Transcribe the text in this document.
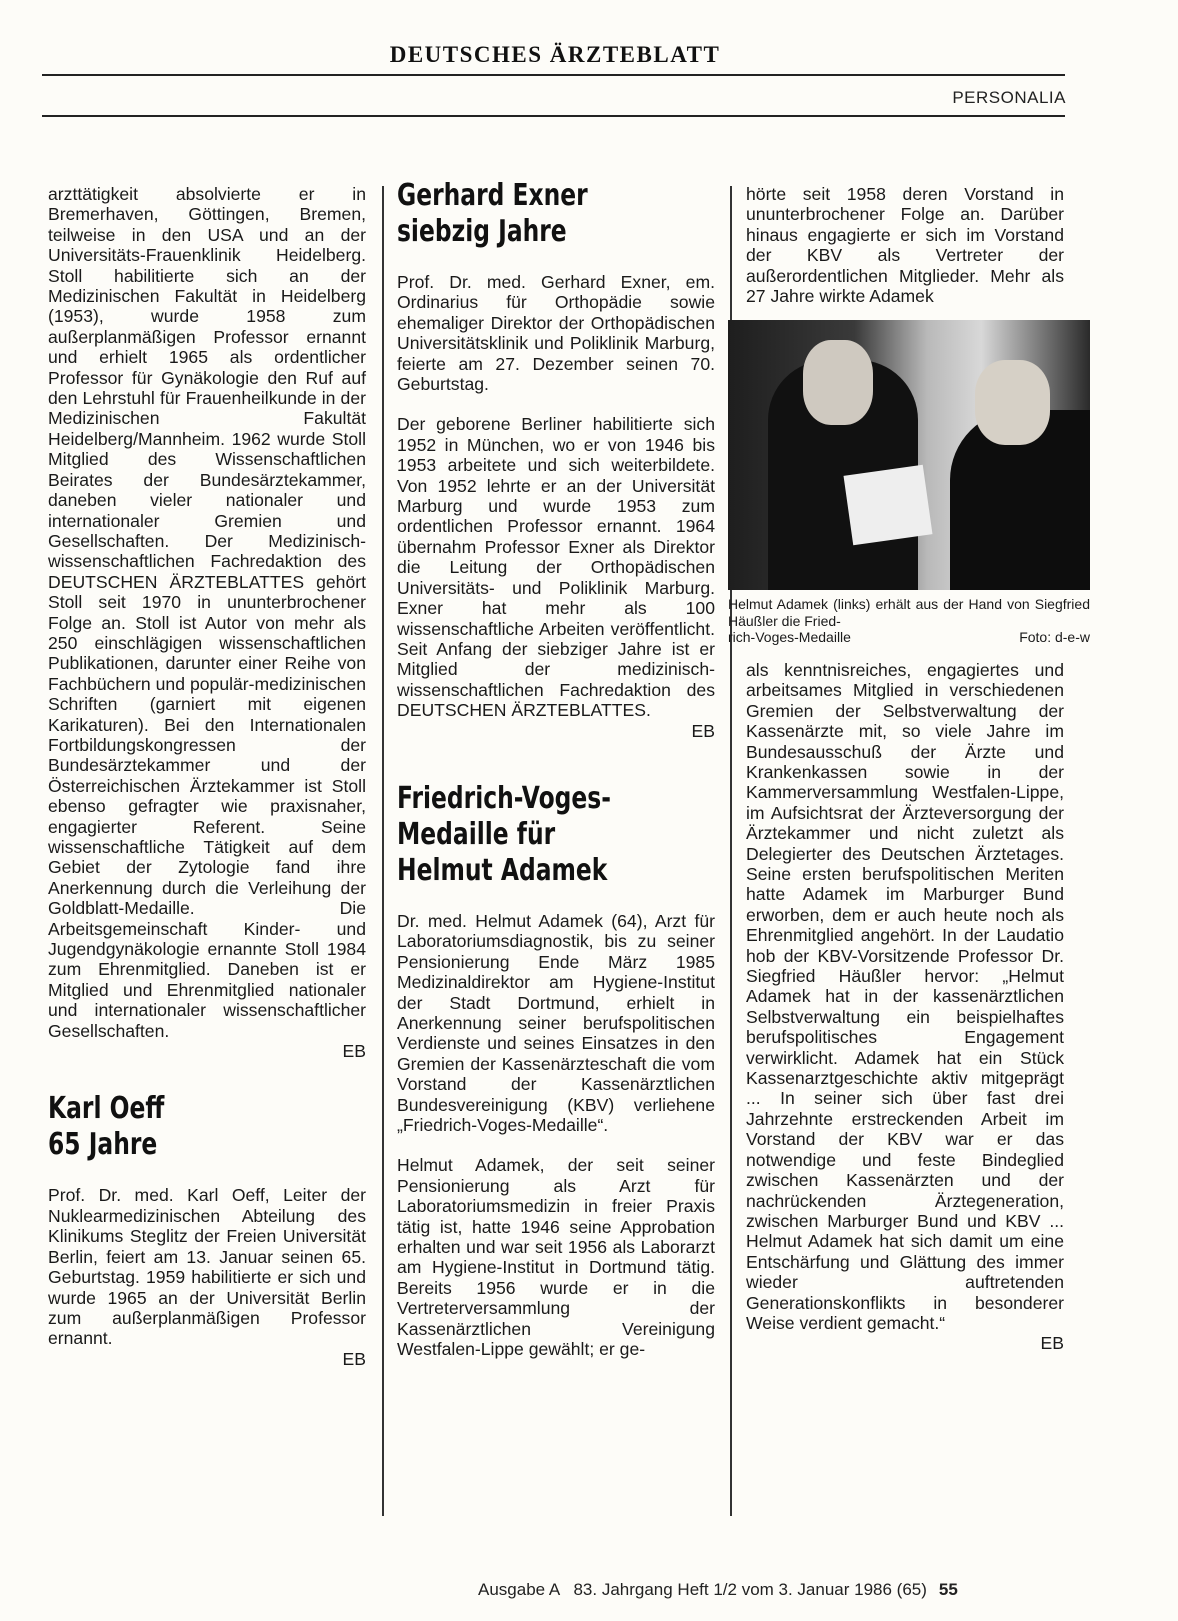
DEUTSCHES ÄRZTEBLATT
PERSONALIA

arzttätigkeit absolvierte er in Bremerhaven, Göttingen, Bremen, teilweise in den USA und an der Universitäts-Frauenklinik Heidelberg. Stoll habilitierte sich an der Medizinischen Fakultät in Heidelberg (1953), wurde 1958 zum außerplanmäßigen Professor ernannt und erhielt 1965 als ordentlicher Professor für Gynäkologie den Ruf auf den Lehrstuhl für Frauenheilkunde in der Medizinischen Fakultät Heidelberg/Mannheim. 1962 wurde Stoll Mitglied des Wissenschaftlichen Beirates der Bundesärztekammer, daneben vieler nationaler und internationaler Gremien und Gesellschaften. Der Medizinisch-wissenschaftlichen Fachredaktion des DEUTSCHEN ÄRZTEBLATTES gehört Stoll seit 1970 in ununterbrochener Folge an. Stoll ist Autor von mehr als 250 einschlägigen wissenschaftlichen Publikationen, darunter einer Reihe von Fachbüchern und populär-medizinischen Schriften (garniert mit eigenen Karikaturen). Bei den Internationalen Fortbildungskongressen der Bundesärztekammer und der Österreichischen Ärztekammer ist Stoll ebenso gefragter wie praxisnaher, engagierter Referent. Seine wissenschaftliche Tätigkeit auf dem Gebiet der Zytologie fand ihre Anerkennung durch die Verleihung der Goldblatt-Medaille. Die Arbeitsgemeinschaft Kinder- und Jugendgynäkologie ernannte Stoll 1984 zum Ehrenmitglied. Daneben ist er Mitglied und Ehrenmitglied nationaler und internationaler wissenschaftlicher Gesellschaften.

EB

Karl Oeff
65 Jahre

Prof. Dr. med. Karl Oeff, Leiter der Nuklearmedizinischen Abteilung des Klinikums Steglitz der Freien Universität Berlin, feiert am 13. Januar seinen 65. Geburtstag. 1959 habilitierte er sich und wurde 1965 an der Universität Berlin zum außerplanmäßigen Professor ernannt.

EB

Gerhard Exner
siebzig Jahre

Prof. Dr. med. Gerhard Exner, em. Ordinarius für Orthopädie sowie ehemaliger Direktor der Orthopädischen Universitätsklinik und Poliklinik Marburg, feierte am 27. Dezember seinen 70. Geburtstag.

Der geborene Berliner habilitierte sich 1952 in München, wo er von 1946 bis 1953 arbeitete und sich weiterbildete. Von 1952 lehrte er an der Universität Marburg und wurde 1953 zum ordentlichen Professor ernannt. 1964 übernahm Professor Exner als Direktor die Leitung der Orthopädischen Universitäts- und Poliklinik Marburg. Exner hat mehr als 100 wissenschaftliche Arbeiten veröffentlicht. Seit Anfang der siebziger Jahre ist er Mitglied der medizinisch-wissenschaftlichen Fachredaktion des DEUTSCHEN ÄRZTEBLATTES.

EB

Friedrich-Voges-
Medaille für
Helmut Adamek

Dr. med. Helmut Adamek (64), Arzt für Laboratoriumsdiagnostik, bis zu seiner Pensionierung Ende März 1985 Medizinaldirektor am Hygiene-Institut der Stadt Dortmund, erhielt in Anerkennung seiner berufspolitischen Verdienste und seines Einsatzes in den Gremien der Kassenärzteschaft die vom Vorstand der Kassenärztlichen Bundesvereinigung (KBV) verliehene „Friedrich-Voges-Medaille“.

Helmut Adamek, der seit seiner Pensionierung als Arzt für Laboratoriumsmedizin in freier Praxis tätig ist, hatte 1946 seine Approbation erhalten und war seit 1956 als Laborarzt am Hygiene-Institut in Dortmund tätig. Bereits 1956 wurde er in die Vertreterversammlung der Kassenärztlichen Vereinigung Westfalen-Lippe gewählt; er ge-

hörte seit 1958 deren Vorstand in ununterbrochener Folge an. Darüber hinaus engagierte er sich im Vorstand der KBV als Vertreter der außerordentlichen Mitglieder. Mehr als 27 Jahre wirkte Adamek

Helmut Adamek (links) erhält aus der Hand von Siegfried Häußler die Fried-
rich-Voges-Medaille	Foto: d-e-w

als kenntnisreiches, engagiertes und arbeitsames Mitglied in verschiedenen Gremien der Selbstverwaltung der Kassenärzte mit, so viele Jahre im Bundesausschuß der Ärzte und Krankenkassen sowie in der Kammerversammlung Westfalen-Lippe, im Aufsichtsrat der Ärzteversorgung der Ärztekammer und nicht zuletzt als Delegierter des Deutschen Ärztetages. Seine ersten berufspolitischen Meriten hatte Adamek im Marburger Bund erworben, dem er auch heute noch als Ehrenmitglied angehört. In der Laudatio hob der KBV-Vorsitzende Professor Dr. Siegfried Häußler hervor: „Helmut Adamek hat in der kassenärztlichen Selbstverwaltung ein beispielhaftes berufspolitisches Engagement verwirklicht. Adamek hat ein Stück Kassenarztgeschichte aktiv mitgeprägt ... In seiner sich über fast drei Jahrzehnte erstreckenden Arbeit im Vorstand der KBV war er das notwendige und feste Bindeglied zwischen Kassenärzten und der nachrückenden Ärztegeneration, zwischen Marburger Bund und KBV ... Helmut Adamek hat sich damit um eine Entschärfung und Glättung des immer wieder auftretenden Generationskonflikts in besonderer Weise verdient gemacht.“

EB

Ausgabe A   83. Jahrgang Heft 1/2 vom 3. Januar 1986 (65) 55
